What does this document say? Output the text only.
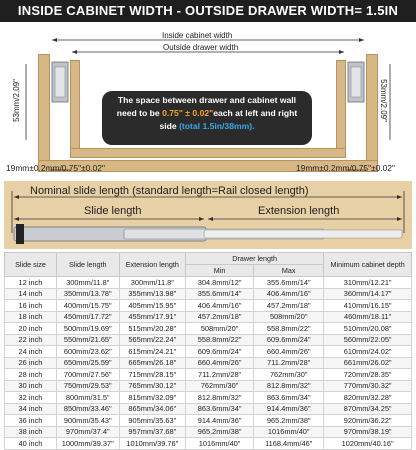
INSIDE CABINET WIDTH - OUTSIDE DRAWER WIDTH= 1.5IN
Inside cabinet width
Outside drawer width
53mm/2.09"	53mm/2.09"
The space between drawer and cabinet wall
need to be 0.75" ± 0.02"each at left and right
side (total 1.5in/38mm).
19mm±0.2mm/0.75"±0.02"	19mm±0.2mm/0.75"±0.02"
Nominal slide length (standard length=Rail closed length)
Slide length	Extension length
Slide size	Slide length	Extension length	Drawer length		Minimum cabinet depth
			Min	Max	
12 inch	300mm/11.8"	300mm/11.8"	304.8mm/12"	355.6mm/14"	310mm/12.21"
14 inch	350mm/13.78"	355mm/13.98"	355.6mm/14"	406.4mm/16"	360mm/14.17"
16 inch	400mm/15.75"	405mm/15.95"	406.4mm/16"	457.2mm/18"	410mm/16.15"
18 inch	450mm/17.72"	455mm/17.91"	457.2mm/18"	508mm/20"	460mm/18.11"
20 inch	500mm/19.69"	515mm/20.28"	508mm/20"	558.8mm/22"	510mm/20.08"
22 inch	550mm/21.65"	565mm/22.24"	558.8mm/22"	609.6mm/24"	560mm/22.05"
24 inch	600mm/23.62"	615mm/24.21"	609.6mm/24"	660.4mm/26"	610mm/24.02"
26 inch	650mm/25.59"	665mm/26.18"	660.4mm/26"	711.2mm/28"	661mm/26.02"
28 inch	700mm/27.56"	715mm/28.15"	711.2mm/28"	762mm/30"	720mm/28.35"
30 inch	750mm/29.53"	765mm/30.12"	762mm/30"	812.8mm/32"	770mm/30.32"
32 inch	800mm/31.5"	815mm/32.09"	812.8mm/32"	863.6mm/34"	820mm/32.28"
34 inch	850mm/33.46"	865mm/34.06"	863.6mm/34"	914.4mm/36"	870mm/34.25"
36 inch	900mm/35.43"	905mm/35.63"	914.4mm/36"	965.2mm/38"	920mm/36.22"
38 inch	970mm/37.4"	957mm/37.68"	965.2mm/38"	1016mm/40"	970mm/38.19"
40 inch	1000mm/39.37"	1010mm/39.76"	1016mm/40"	1168.4mm/46"	1020mm/40.16"
